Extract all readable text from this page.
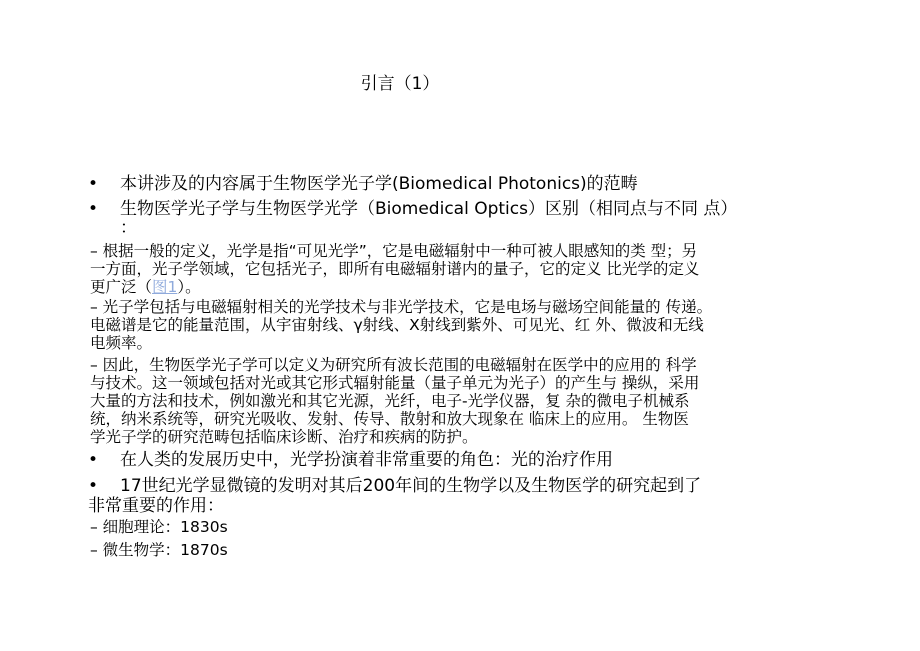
引言（1）
• 本讲涉及的内容属于生物医学光子学(Biomedical Photonics)的范畴
• 生物医学光子学与生物医学光学（Biomedical Optics）区别（相同点与不同 点）
：
– 根据一般的定义，光学是指“可见光学”，它是电磁辐射中一种可被人眼感知的类 型；另
一方面，光子学领域，它包括光子，即所有电磁辐射谱内的量子，它的定义 比光学的定义
更广泛（图1）。
– 光子学包括与电磁辐射相关的光学技术与非光学技术，它是电场与磁场空间能量的 传递。
电磁谱是它的能量范围，从宇宙射线、γ射线、X射线到紫外、可见光、红 外、微波和无线
电频率。
– 因此，生物医学光子学可以定义为研究所有波长范围的电磁辐射在医学中的应用的 科学
与技术。这一领域包括对光或其它形式辐射能量（量子单元为光子）的产生与 操纵，采用
大量的方法和技术，例如激光和其它光源，光纤，电子-光学仪器，复 杂的微电子机械系
统，纳米系统等，研究光吸收、发射、传导、散射和放大现象在 临床上的应用。 生物医
学光子学的研究范畴包括临床诊断、治疗和疾病的防护。
• 在人类的发展历史中，光学扮演着非常重要的角色：光的治疗作用
• 17世纪光学显微镜的发明对其后200年间的生物学以及生物医学的研究起到了
非常重要的作用：
– 细胞理论：1830s
– 微生物学：1870s
